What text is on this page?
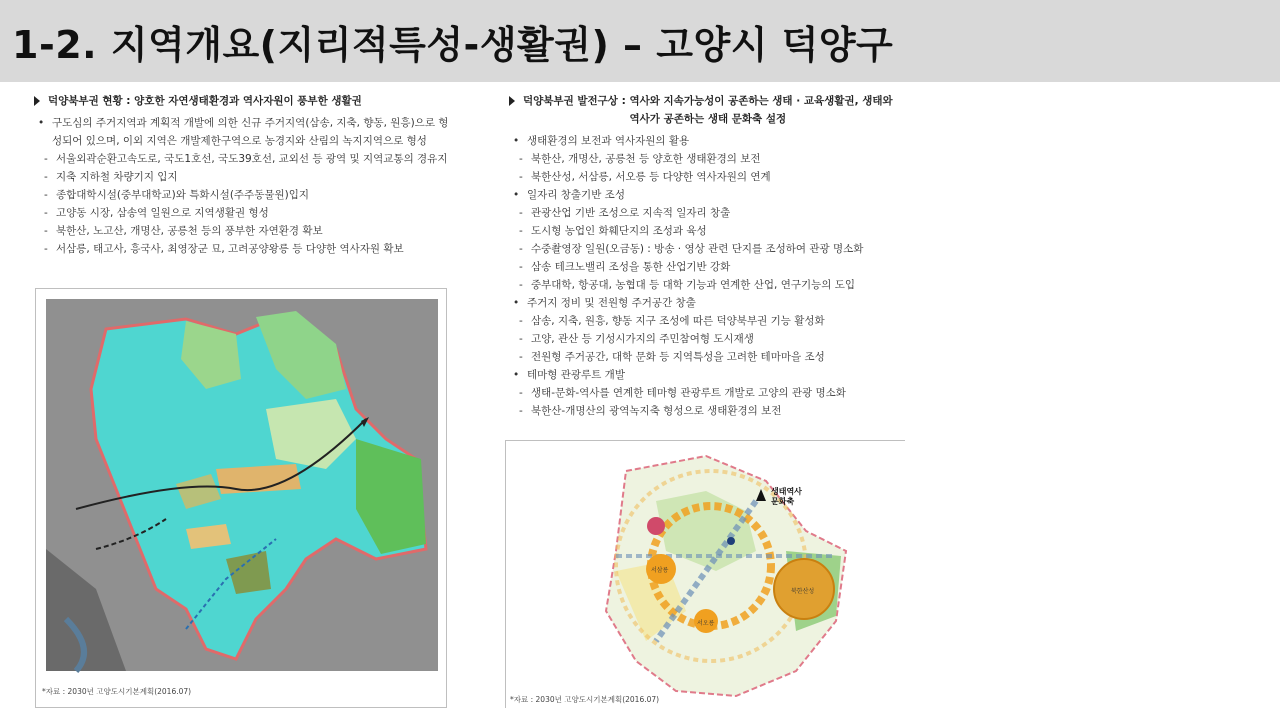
1-2. 지역개요(지리적특성-생활권) – 고양시 덕양구
덕양북부권 현황 : 양호한 자연생태환경과 역사자원이 풍부한 생활권
• 구도심의 주거지역과 계획적 개발에 의한 신규 주거지역(삼송, 지축, 향동, 원흥)으로 형성되어 있으며, 이외 지역은 개발제한구역으로 농경지와 산림의 녹지지역으로 형성
- 서울외곽순환고속도로, 국도1호선, 국도39호선, 교외선 등 광역 및 지역교통의 경유지
- 지축 지하철 차량기지 입지
- 종합대학시설(중부대학교)와 특화시설(주주동물원)입지
- 고양동 시장, 삼송역 일원으로 지역생활권 형성
- 북한산, 노고산, 개명산, 공릉천 등의 풍부한 자연환경 확보
- 서삼릉, 태고사, 흥국사, 최영장군 묘, 고려공양왕릉 등 다양한 역사자원 확보
*자료 : 2030년 고양도시기본계획(2016.07)
덕양북부권 발전구상 : 역사와 지속가능성이 공존하는 생태 · 교육생활권, 생태와
역사가 공존하는 생태 문화축 설정
• 생태환경의 보전과 역사자원의 활용
- 북한산, 개명산, 공릉천 등 양호한 생태환경의 보전
- 북한산성, 서삼릉, 서오릉 등 다양한 역사자원의 연계
• 일자리 창출기반 조성
- 관광산업 기반 조성으로 지속적 일자리 창출
- 도시형 농업인 화훼단지의 조성과 육성
- 수중촬영장 일원(오금동) : 방송 · 영상 관련 단지를 조성하여 관광 명소화
- 삼송 테크노밸리 조성을 통한 산업기반 강화
- 중부대학, 항공대, 농협대 등 대학 기능과 연계한 산업, 연구기능의 도입
• 주거지 정비 및 전원형 주거공간 창출
- 삼송, 지축, 원흥, 향동 지구 조성에 따른 덕양북부권 기능 활성화
- 고양, 관산 등 기성시가지의 주민참여형 도시재생
- 전원형 주거공간, 대학 문화 등 지역특성을 고려한 테마마을 조성
• 테마형 관광루트 개발
- 생태-문화-역사를 연계한 테마형 관광루트 개발로 고양의 관광 명소화
- 북한산-개명산의 광역녹지축 형성으로 생태환경의 보전
생태역사
문화축
서삼릉
북한산성
서오릉
*자료 : 2030년 고양도시기본계획(2016.07)
